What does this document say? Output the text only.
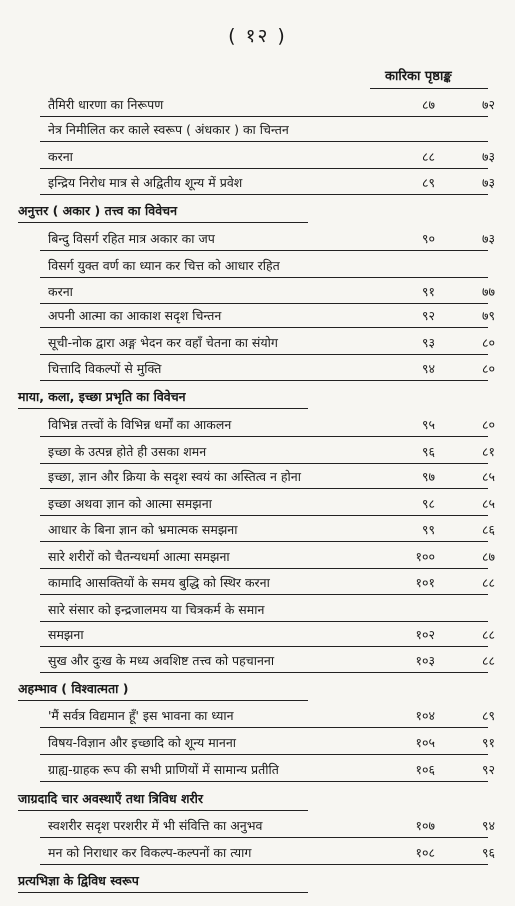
( १२ )
कारिका पृष्ठाङ्क
तैमिरी धारणा का निरूपण	८७	७२
नेत्र निमीलित कर काले स्वरूप ( अंधकार ) का चिन्तन
करना	८८	७३
इन्द्रिय निरोध मात्र से अद्वितीय शून्य में प्रवेश	८९	७३
अनुत्तर ( अकार ) तत्त्व का विवेचन
बिन्दु विसर्ग रहित मात्र अकार का जप	९०	७३
विसर्ग युक्त वर्ण का ध्यान कर चित्त को आधार रहित
करना	९१	७७
अपनी आत्मा का आकाश सदृश चिन्तन	९२	७९
सूची-नोक द्वारा अङ्ग भेदन कर वहाँ चेतना का संयोग	९३	८०
चित्तादि विकल्पों से मुक्ति	९४	८०
माया, कला, इच्छा प्रभृति का विवेचन
विभिन्न तत्त्वों के विभिन्न धर्मों का आकलन	९५	८०
इच्छा के उत्पन्न होते ही उसका शमन	९६	८१
इच्छा, ज्ञान और क्रिया के सदृश स्वयं का अस्तित्व न होना	९७	८५
इच्छा अथवा ज्ञान को आत्मा समझना	९८	८५
आधार के बिना ज्ञान को भ्रमात्मक समझना	९९	८६
सारे शरीरों को चैतन्यधर्मा आत्मा समझना	१००	८७
कामादि आसक्तियों के समय बुद्धि को स्थिर करना	१०१	८८
सारे संसार को इन्द्रजालमय या चित्रकर्म के समान
समझना	१०२	८८
सुख और दुःख के मध्य अवशिष्ट तत्त्व को पहचानना	१०३	८८
अहम्भाव ( विश्वात्मता )
'मैं सर्वत्र विद्यमान हूँ' इस भावना का ध्यान	१०४	८९
विषय-विज्ञान और इच्छादि को शून्य मानना	१०५	९१
ग्राह्य-ग्राहक रूप की सभी प्राणियों में सामान्य प्रतीति	१०६	९२
जाग्रदादि चार अवस्थाएँ तथा त्रिविध शरीर
स्वशरीर सदृश परशरीर में भी संवित्ति का अनुभव	१०७	९४
मन को निराधार कर विकल्प-कल्पनों का त्याग	१०८	९६
प्रत्यभिज्ञा के द्विविध स्वरूप
